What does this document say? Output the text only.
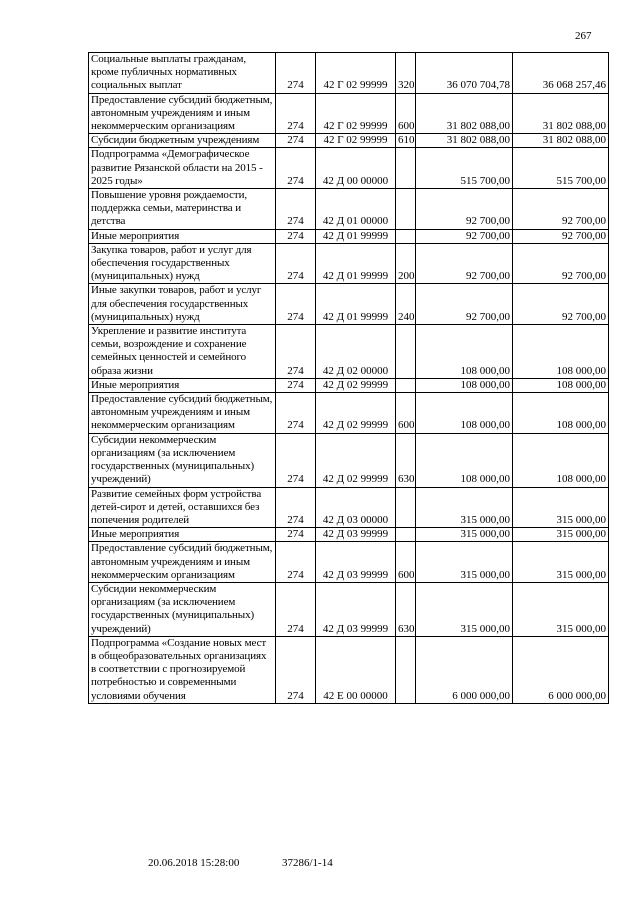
267
Социальные выплаты гражданам, кроме публичных нормативных социальных выплат	274	42 Г 02 99999	320	36 070 704,78	36 068 257,46
Предоставление субсидий бюджетным, автономным учреждениям и иным некоммерческим организациям	274	42 Г 02 99999	600	31 802 088,00	31 802 088,00
Субсидии бюджетным учреждениям	274	42 Г 02 99999	610	31 802 088,00	31 802 088,00
Подпрограмма «Демографическое развитие Рязанской области на 2015 - 2025 годы»	274	42 Д 00 00000		515 700,00	515 700,00
Повышение уровня рождаемости, поддержка семьи, материнства и детства	274	42 Д 01 00000		92 700,00	92 700,00
Иные мероприятия	274	42 Д 01 99999		92 700,00	92 700,00
Закупка товаров, работ и услуг для обеспечения государственных (муниципальных) нужд	274	42 Д 01 99999	200	92 700,00	92 700,00
Иные закупки товаров, работ и услуг для обеспечения государственных (муниципальных) нужд	274	42 Д 01 99999	240	92 700,00	92 700,00
Укрепление и развитие института семьи, возрождение и сохранение семейных ценностей и семейного образа жизни	274	42 Д 02 00000		108 000,00	108 000,00
Иные мероприятия	274	42 Д 02 99999		108 000,00	108 000,00
Предоставление субсидий бюджетным, автономным учреждениям и иным некоммерческим организациям	274	42 Д 02 99999	600	108 000,00	108 000,00
Субсидии некоммерческим организациям (за исключением государственных (муниципальных) учреждений)	274	42 Д 02 99999	630	108 000,00	108 000,00
Развитие семейных форм устройства детей-сирот и детей, оставшихся без попечения родителей	274	42 Д 03 00000		315 000,00	315 000,00
Иные мероприятия	274	42 Д 03 99999		315 000,00	315 000,00
Предоставление субсидий бюджетным, автономным учреждениям и иным некоммерческим организациям	274	42 Д 03 99999	600	315 000,00	315 000,00
Субсидии некоммерческим организациям (за исключением государственных (муниципальных) учреждений)	274	42 Д 03 99999	630	315 000,00	315 000,00
Подпрограмма «Создание новых мест в общеобразовательных организациях в соответствии с прогнозируемой потребностью и современными условиями обучения	274	42 Е 00 00000		6 000 000,00	6 000 000,00
20.06.2018 15:28:00	37286/1-14
